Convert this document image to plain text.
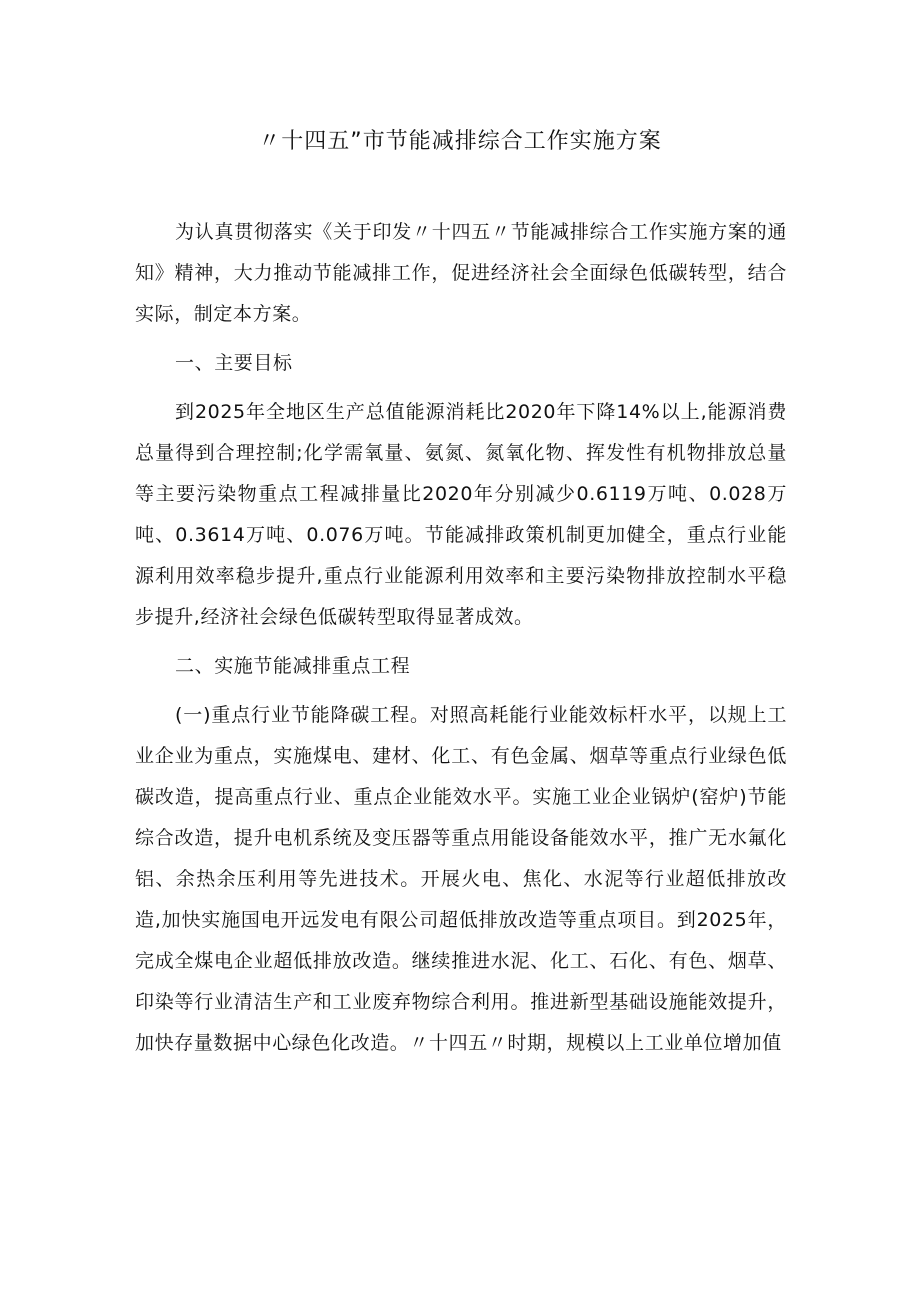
〃十四五”市节能减排综合工作实施方案

为认真贯彻落实《关于印发〃十四五〃节能减排综合工作实施方案的通知》精神，大力推动节能减排工作，促进经济社会全面绿色低碳转型，结合实际，制定本方案。

一、主要目标

到2025年全地区生产总值能源消耗比2020年下降14%以上,能源消费总量得到合理控制;化学需氧量、氨氮、氮氧化物、挥发性有机物排放总量等主要污染物重点工程减排量比2020年分别减少0.6119万吨、0.028万吨、0.3614万吨、0.076万吨。节能减排政策机制更加健全，重点行业能源利用效率稳步提升,重点行业能源利用效率和主要污染物排放控制水平稳步提升,经济社会绿色低碳转型取得显著成效。

二、实施节能减排重点工程

(一)重点行业节能降碳工程。对照高耗能行业能效标杆水平，以规上工业企业为重点，实施煤电、建材、化工、有色金属、烟草等重点行业绿色低碳改造，提高重点行业、重点企业能效水平。实施工业企业锅炉(窑炉)节能综合改造，提升电机系统及变压器等重点用能设备能效水平，推广无水氟化铝、余热余压利用等先进技术。开展火电、焦化、水泥等行业超低排放改造,加快实施国电开远发电有限公司超低排放改造等重点项目。到2025年，完成全煤电企业超低排放改造。继续推进水泥、化工、石化、有色、烟草、印染等行业清洁生产和工业废弃物综合利用。推进新型基础设施能效提升，加快存量数据中心绿色化改造。〃十四五〃时期，规模以上工业单位增加值
